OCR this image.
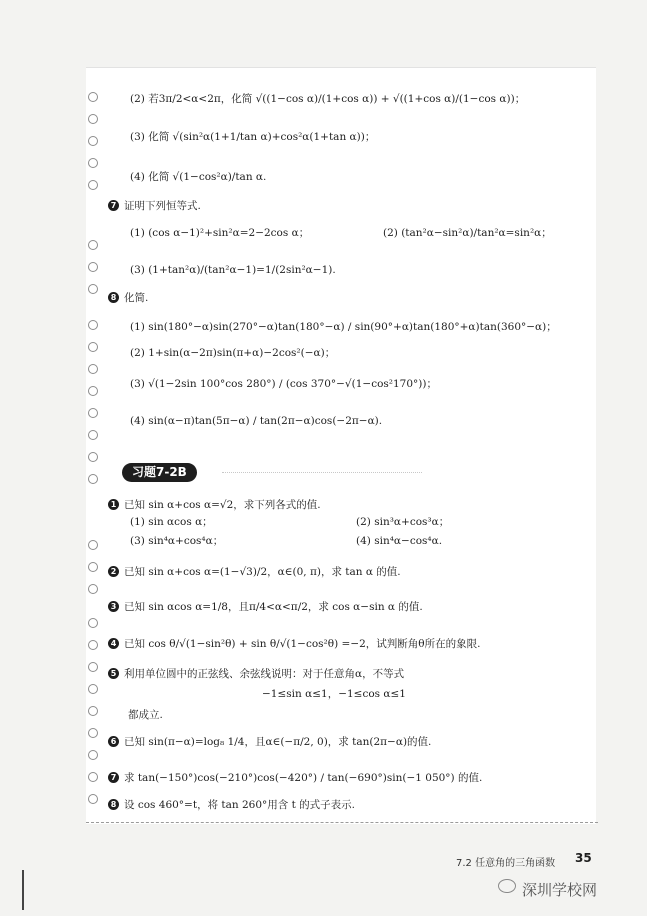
(2) 若3π/2<α<2π，化简 √((1−cos α)/(1+cos α)) + √((1+cos α)/(1−cos α))；
(3) 化简 √(sin²α(1+1/tan α)+cos²α(1+tan α))；
(4) 化简 √(1−cos²α)/tan α.
7 证明下列恒等式.
(1) (cos α−1)²+sin²α=2−2cos α；	(2) (tan²α−sin²α)/tan²α=sin²α；
(3) (1+tan²α)/(tan²α−1)=1/(2sin²α−1).
8 化简.
(1) sin(180°−α)sin(270°−α)tan(180°−α) / sin(90°+α)tan(180°+α)tan(360°−α)；
(2) 1+sin(α−2π)sin(π+α)−2cos²(−α)；
(3) √(1−2sin 100°cos 280°) / (cos 370°−√(1−cos²170°))；
(4) sin(α−π)tan(5π−α) / tan(2π−α)cos(−2π−α).
习题7-2B
1 已知 sin α+cos α=√2，求下列各式的值.
(1) sin αcos α；	(2) sin³α+cos³α；
(3) sin⁴α+cos⁴α；	(4) sin⁴α−cos⁴α.
2 已知 sin α+cos α=(1−√3)/2，α∈(0, π)，求 tan α 的值.
3 已知 sin αcos α=1/8，且π/4<α<π/2，求 cos α−sin α 的值.
4 已知 cos θ/√(1−sin²θ) + sin θ/√(1−cos²θ) =−2，试判断角θ所在的象限.
5 利用单位圆中的正弦线、余弦线说明：对于任意角α，不等式
−1≤sin α≤1，−1≤cos α≤1
都成立.
6 已知 sin(π−α)=log₈ 1/4，且α∈(−π/2, 0)，求 tan(2π−α)的值.
7 求 tan(−150°)cos(−210°)cos(−420°) / tan(−690°)sin(−1 050°) 的值.
8 设 cos 460°=t，将 tan 260°用含 t 的式子表示.
7.2 任意角的三角函数 35
深圳学校网
